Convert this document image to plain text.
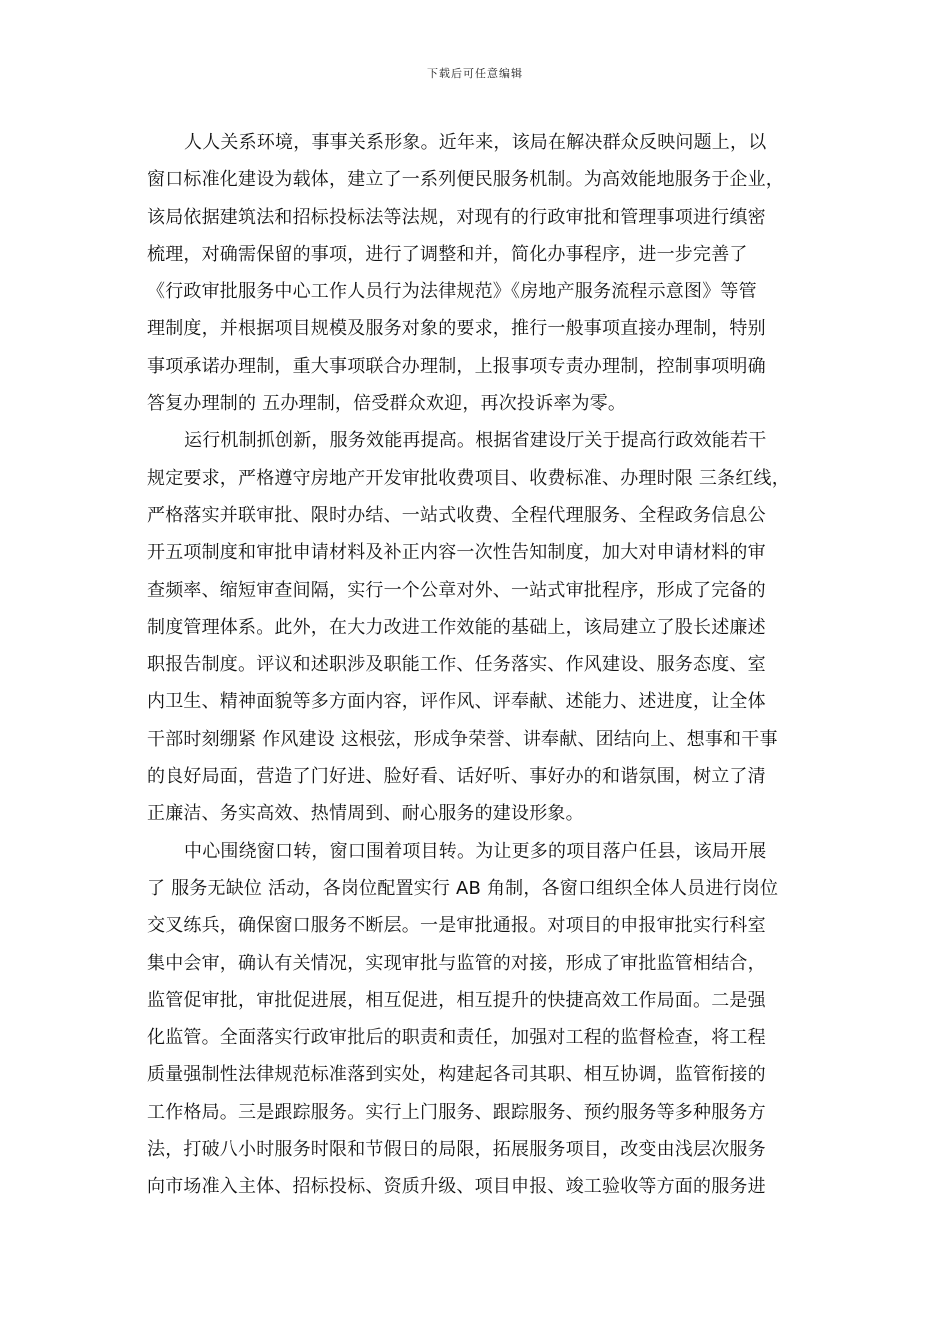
下载后可任意编辑
人人关系环境，事事关系形象。近年来，该局在解决群众反映问题上，以
窗口标准化建设为载体，建立了一系列便民服务机制。为高效能地服务于企业，
该局依据建筑法和招标投标法等法规，对现有的行政审批和管理事项进行缜密
梳理，对确需保留的事项，进行了调整和并，简化办事程序，进一步完善了
《行政审批服务中心工作人员行为法律规范》《房地产服务流程示意图》等管
理制度，并根据项目规模及服务对象的要求，推行一般事项直接办理制，特别
事项承诺办理制，重大事项联合办理制，上报事项专责办理制，控制事项明确
答复办理制的 五办理制，倍受群众欢迎，再次投诉率为零。
运行机制抓创新，服务效能再提高。根据省建设厅关于提高行政效能若干
规定要求，严格遵守房地产开发审批收费项目、收费标准、办理时限 三条红线，
严格落实并联审批、限时办结、一站式收费、全程代理服务、全程政务信息公
开五项制度和审批申请材料及补正内容一次性告知制度，加大对申请材料的审
查频率、缩短审查间隔，实行一个公章对外、一站式审批程序，形成了完备的
制度管理体系。此外，在大力改进工作效能的基础上，该局建立了股长述廉述
职报告制度。评议和述职涉及职能工作、任务落实、作风建设、服务态度、室
内卫生、精神面貌等多方面内容，评作风、评奉献、述能力、述进度，让全体
干部时刻绷紧 作风建设 这根弦，形成争荣誉、讲奉献、团结向上、想事和干事
的良好局面，营造了门好进、脸好看、话好听、事好办的和谐氛围，树立了清
正廉洁、务实高效、热情周到、耐心服务的建设形象。
中心围绕窗口转，窗口围着项目转。为让更多的项目落户任县，该局开展
了 服务无缺位 活动，各岗位配置实行 AB 角制，各窗口组织全体人员进行岗位
交叉练兵，确保窗口服务不断层。一是审批通报。对项目的申报审批实行科室
集中会审，确认有关情况，实现审批与监管的对接，形成了审批监管相结合，
监管促审批，审批促进展，相互促进，相互提升的快捷高效工作局面。二是强
化监管。全面落实行政审批后的职责和责任，加强对工程的监督检查，将工程
质量强制性法律规范标准落到实处，构建起各司其职、相互协调，监管衔接的
工作格局。三是跟踪服务。实行上门服务、跟踪服务、预约服务等多种服务方
法，打破八小时服务时限和节假日的局限，拓展服务项目，改变由浅层次服务
向市场准入主体、招标投标、资质升级、项目申报、竣工验收等方面的服务进
